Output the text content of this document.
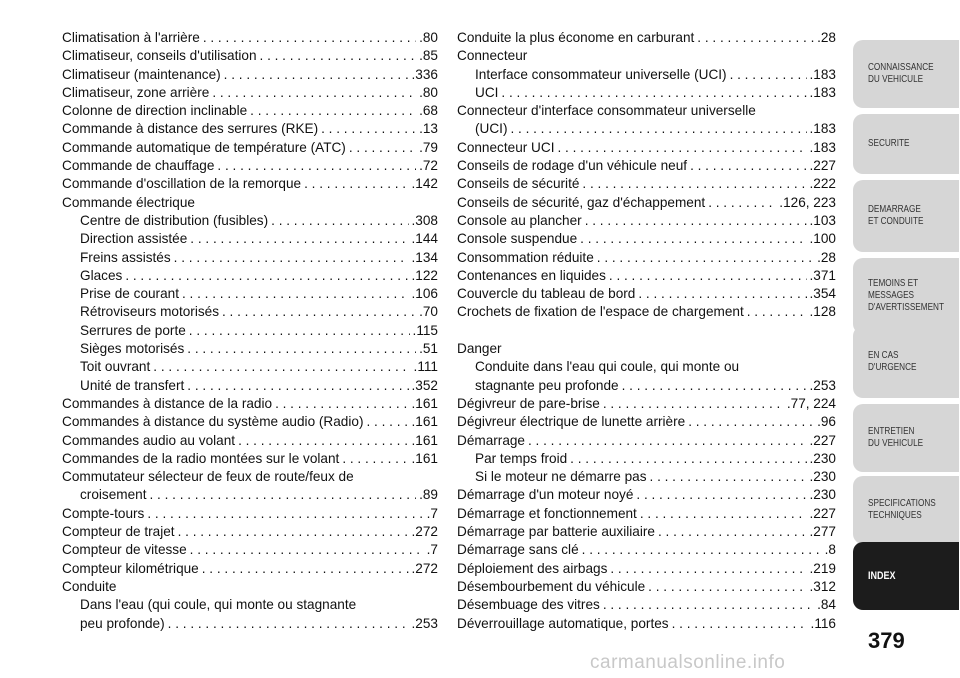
Climatisation à l'arrière . . .	.80
Climatiseur, conseils d'utilisation . . .	.85
Climatiseur (maintenance) . . .	.336
Climatiseur, zone arrière . . .	.80
Colonne de direction inclinable . . .	.68
Commande à distance des serrures (RKE) . . .	.13
Commande automatique de température (ATC) . . .	.79
Commande de chauffage . . .	.72
Commande d'oscillation de la remorque . . .	.142
Commande électrique
Centre de distribution (fusibles) . . .	.308
Direction assistée . . .	.144
Freins assistés . . .	.134
Glaces . . .	.122
Prise de courant . . .	.106
Rétroviseurs motorisés . . .	.70
Serrures de porte . . .	.115
Sièges motorisés . . .	.51
Toit ouvrant . . .	.111
Unité de transfert . . .	.352
Commandes à distance de la radio . . .	.161
Commandes à distance du système audio (Radio) . . .	.161
Commandes audio au volant . . .	.161
Commandes de la radio montées sur le volant . . .	.161
Commutateur sélecteur de feux de route/feux de
croisement . . .	.89
Compte-tours . . .	.7
Compteur de trajet . . .	.272
Compteur de vitesse . . .	.7
Compteur kilométrique . . .	.272
Conduite
Dans l'eau (qui coule, qui monte ou stagnante
peu profonde) . . .	.253
Conduite la plus économe en carburant . . .	.28
Connecteur
Interface consommateur universelle (UCI) . . .	.183
UCI . . .	.183
Connecteur d'interface consommateur universelle
(UCI) . . .	.183
Connecteur UCI . . .	.183
Conseils de rodage d'un véhicule neuf . . .	.227
Conseils de sécurité . . .	.222
Conseils de sécurité, gaz d'échappement . . .	.126, 223
Console au plancher . . .	.103
Console suspendue . . .	.100
Consommation réduite . . .	.28
Contenances en liquides . . .	.371
Couvercle du tableau de bord . . .	.354
Crochets de fixation de l'espace de chargement . . .	.128
Danger
Conduite dans l'eau qui coule, qui monte ou
stagnante peu profonde . . .	.253
Dégivreur de pare-brise . . .	.77, 224
Dégivreur électrique de lunette arrière . . .	.96
Démarrage . . .	.227
Par temps froid . . .	.230
Si le moteur ne démarre pas . . .	.230
Démarrage d'un moteur noyé . . .	.230
Démarrage et fonctionnement . . .	.227
Démarrage par batterie auxiliaire . . .	.277
Démarrage sans clé . . .	.8
Déploiement des airbags . . .	.219
Désembourbement du véhicule . . .	.312
Désembuage des vitres . . .	.84
Déverrouillage automatique, portes . . .	.116
CONNAISSANCE
DU VEHICULE
SECURITE
DEMARRAGE
ET CONDUITE
TEMOINS ET
MESSAGES
D'AVERTISSEMENT
EN CAS
D'URGENCE
ENTRETIEN
DU VEHICULE
SPECIFICATIONS
TECHNIQUES
INDEX
379
carmanualsonline.info
